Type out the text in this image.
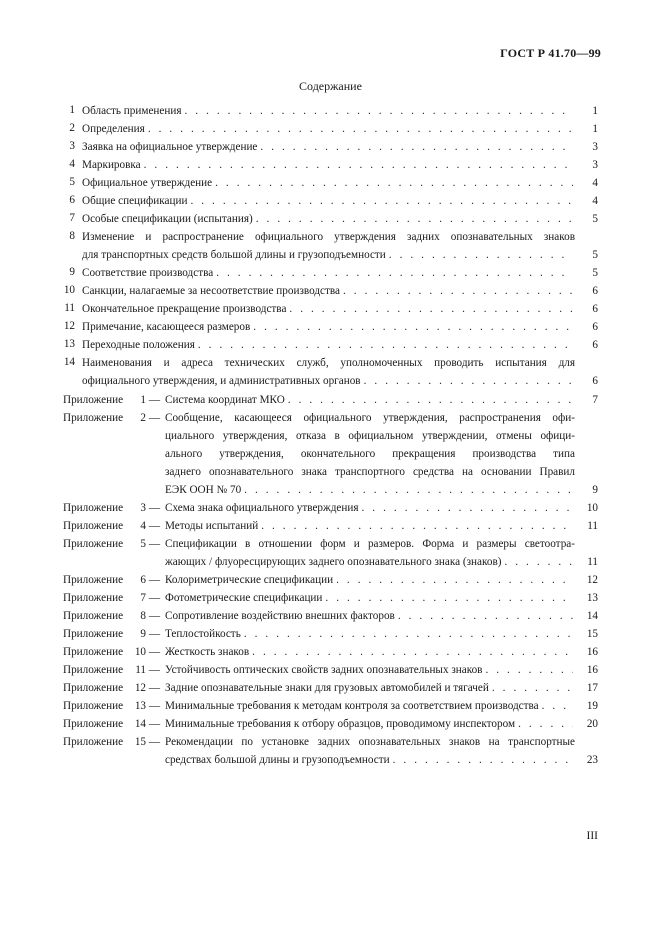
ГОСТ Р 41.70—99
Содержание
1 Область применения . . .	1
2 Определения . . .	1
3 Заявка на официальное утверждение . . .	3
4 Маркировка . . .	3
5 Официальное утверждение . . .	4
6 Общие спецификации . . .	4
7 Особые спецификации (испытания) . . .	5
8 Изменение и распространение официального утверждения задних опознавательных знаков
для транспортных средств большой длины и грузоподъемности . . .	5
9 Соответствие производства . . .	5
10 Санкции, налагаемые за несоответствие производства . . .	6
11 Окончательное прекращение производства . . .	6
12 Примечание, касающееся размеров . . .	6
13 Переходные положения . . .	6
14 Наименования и адреса технических служб, уполномоченных проводить испытания для
официального утверждения, и административных органов . . .	6
Приложение	1 — Система координат МКО . . .	7
Приложение	2 — Сообщение, касающееся официального утверждения, распространения офи-
циального утверждения, отказа в официальном утверждении, отмены офици-
ального утверждения, окончательного прекращения производства типа
заднего опознавательного знака транспортного средства на основании Правил
ЕЭК ООН № 70 . . .	9
Приложение	3 — Схема знака официального утверждения . . .	10
Приложение	4 — Методы испытаний . . .	11
Приложение	5 — Спецификации в отношении форм и размеров. Форма и размеры светоотра-
жающих / флуоресцирующих заднего опознавательного знака (знаков) . . .	11
Приложение	6 — Колориметрические спецификации . . .	12
Приложение	7 — Фотометрические спецификации . . .	13
Приложение	8 — Сопротивление воздействию внешних факторов . . .	14
Приложение	9 — Теплостойкость . . .	15
Приложение	10 — Жесткость знаков . . .	16
Приложение	11 — Устойчивость оптических свойств задних опознавательных знаков . . .	16
Приложение	12 — Задние опознавательные знаки для грузовых автомобилей и тягачей . . .	17
Приложение	13 — Минимальные требования к методам контроля за соответствием производства . . .	19
Приложение	14 — Минимальные требования к отбору образцов, проводимому инспектором . . .	20
Приложение	15 — Рекомендации по установке задних опознавательных знаков на транспортные
средствах большой длины и грузоподъемности . . .	23
III
